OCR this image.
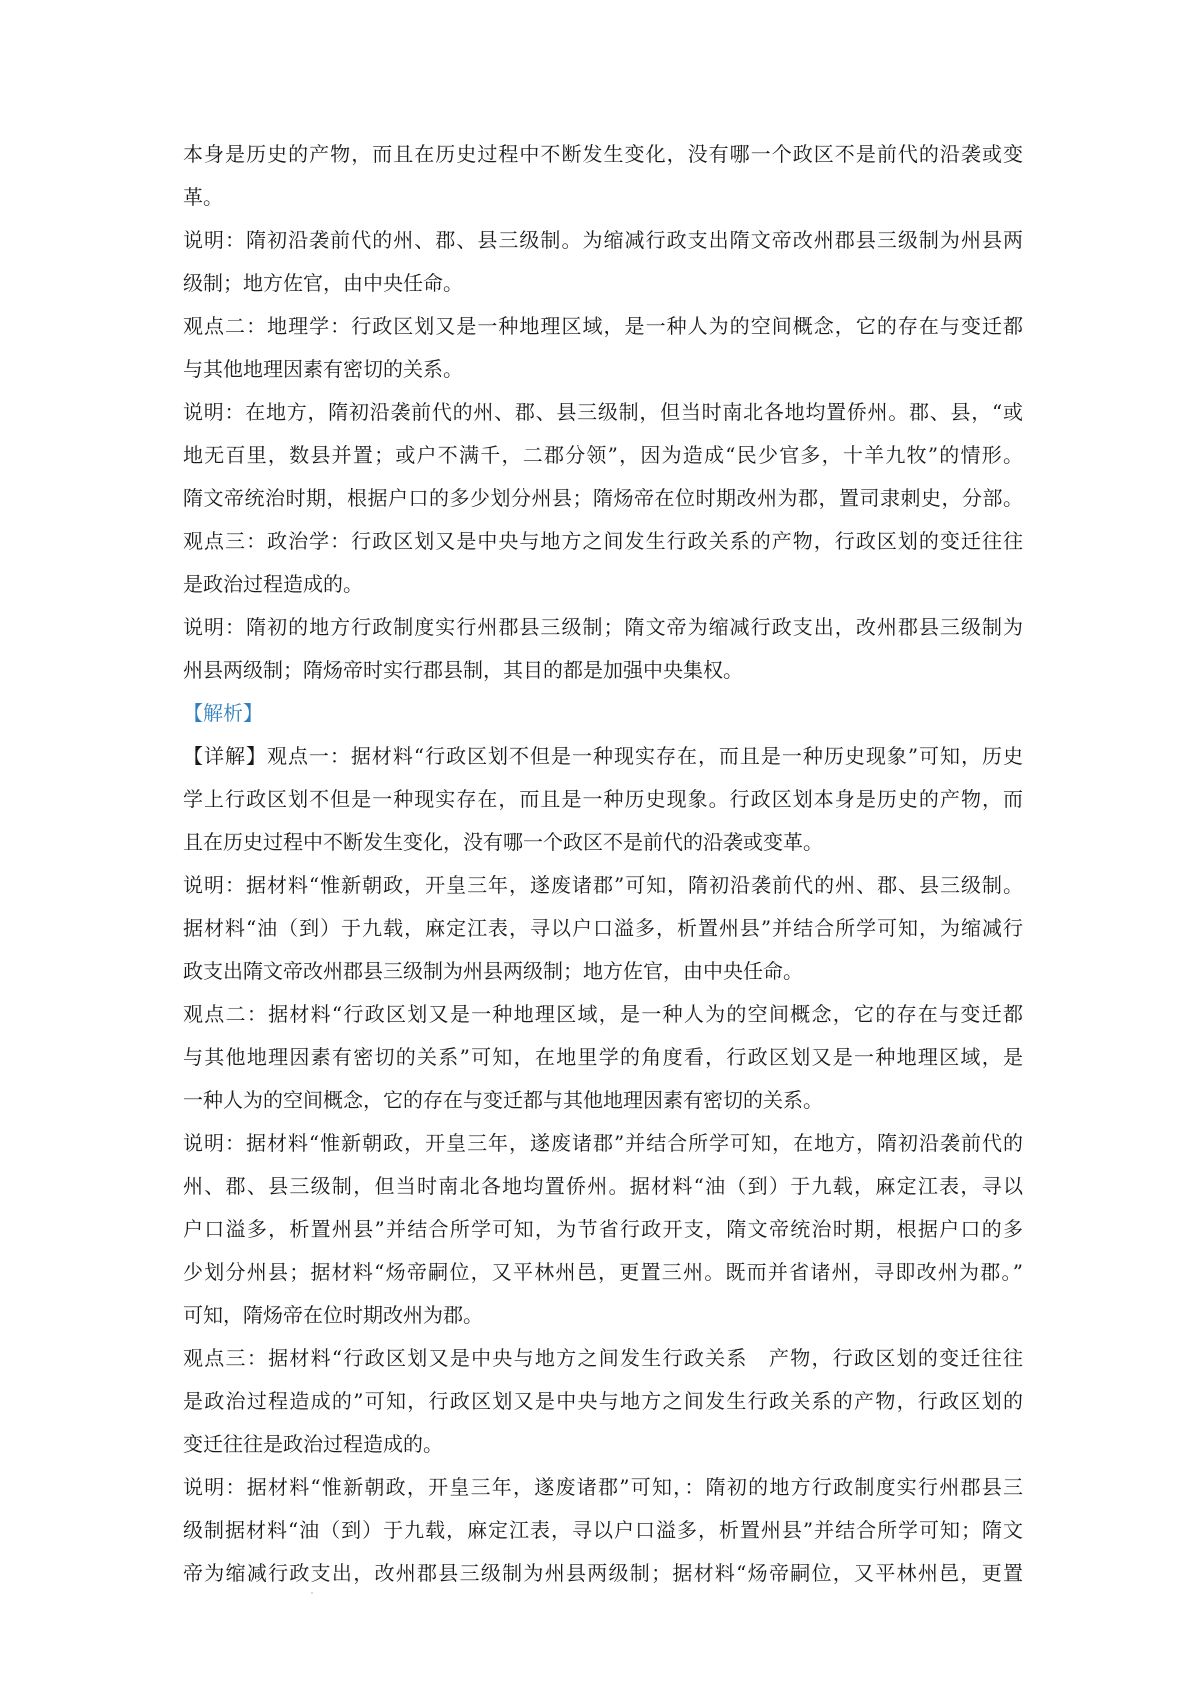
本身是历史的产物，而且在历史过程中不断发生变化，没有哪一个政区不是前代的沿袭或变
革。
说明：隋初沿袭前代的州、郡、县三级制。为缩减行政支出隋文帝改州郡县三级制为州县两
级制；地方佐官，由中央任命。
观点二：地理学：行政区划又是一种地理区域，是一种人为的空间概念，它的存在与变迁都
与其他地理因素有密切的关系。
说明：在地方，隋初沿袭前代的州、郡、县三级制，但当时南北各地均置侨州。郡、县，“或
地无百里，数县并置；或户不满千，二郡分领”，因为造成“民少官多，十羊九牧”的情形。
隋文帝统治时期，根据户口的多少划分州县；隋炀帝在位时期改州为郡，置司隶刺史，分部。
观点三：政治学：行政区划又是中央与地方之间发生行政关系的产物，行政区划的变迁往往
是政治过程造成的。
说明：隋初的地方行政制度实行州郡县三级制；隋文帝为缩减行政支出，改州郡县三级制为
州县两级制；隋炀帝时实行郡县制，其目的都是加强中央集权。
【解析】
【详解】观点一：据材料“行政区划不但是一种现实存在，而且是一种历史现象”可知，历史
学上行政区划不但是一种现实存在，而且是一种历史现象。行政区划本身是历史的产物，而
且在历史过程中不断发生变化，没有哪一个政区不是前代的沿袭或变革。
说明：据材料“惟新朝政，开皇三年，遂废诸郡”可知，隋初沿袭前代的州、郡、县三级制。
据材料“油（到）于九载，麻定江表，寻以户口溢多，析置州县”并结合所学可知，为缩减行
政支出隋文帝改州郡县三级制为州县两级制；地方佐官，由中央任命。
观点二：据材料“行政区划又是一种地理区域，是一种人为的空间概念，它的存在与变迁都
与其他地理因素有密切的关系”可知，在地里学的角度看，行政区划又是一种地理区域，是
一种人为的空间概念，它的存在与变迁都与其他地理因素有密切的关系。
说明：据材料“惟新朝政，开皇三年，遂废诸郡”并结合所学可知，在地方，隋初沿袭前代的
州、郡、县三级制，但当时南北各地均置侨州。据材料“油（到）于九载，麻定江表，寻以
户口溢多，析置州县”并结合所学可知，为节省行政开支，隋文帝统治时期，根据户口的多
少划分州县；据材料“炀帝嗣位，又平林州邑，更置三州。既而并省诸州，寻即改州为郡。”
可知，隋炀帝在位时期改州为郡。
观点三：据材料“行政区划又是中央与地方之间发生行政关系　产物，行政区划的变迁往往
是政治过程造成的”可知，行政区划又是中央与地方之间发生行政关系的产物，行政区划的
变迁往往是政治过程造成的。
说明：据材料“惟新朝政，开皇三年，遂废诸郡”可知，：隋初的地方行政制度实行州郡县三
级制据材料“油（到）于九载，麻定江表，寻以户口溢多，析置州县”并结合所学可知；隋文
帝为缩减行政支出，改州郡县三级制为州县两级制；据材料“炀帝嗣位，又平林州邑，更置
